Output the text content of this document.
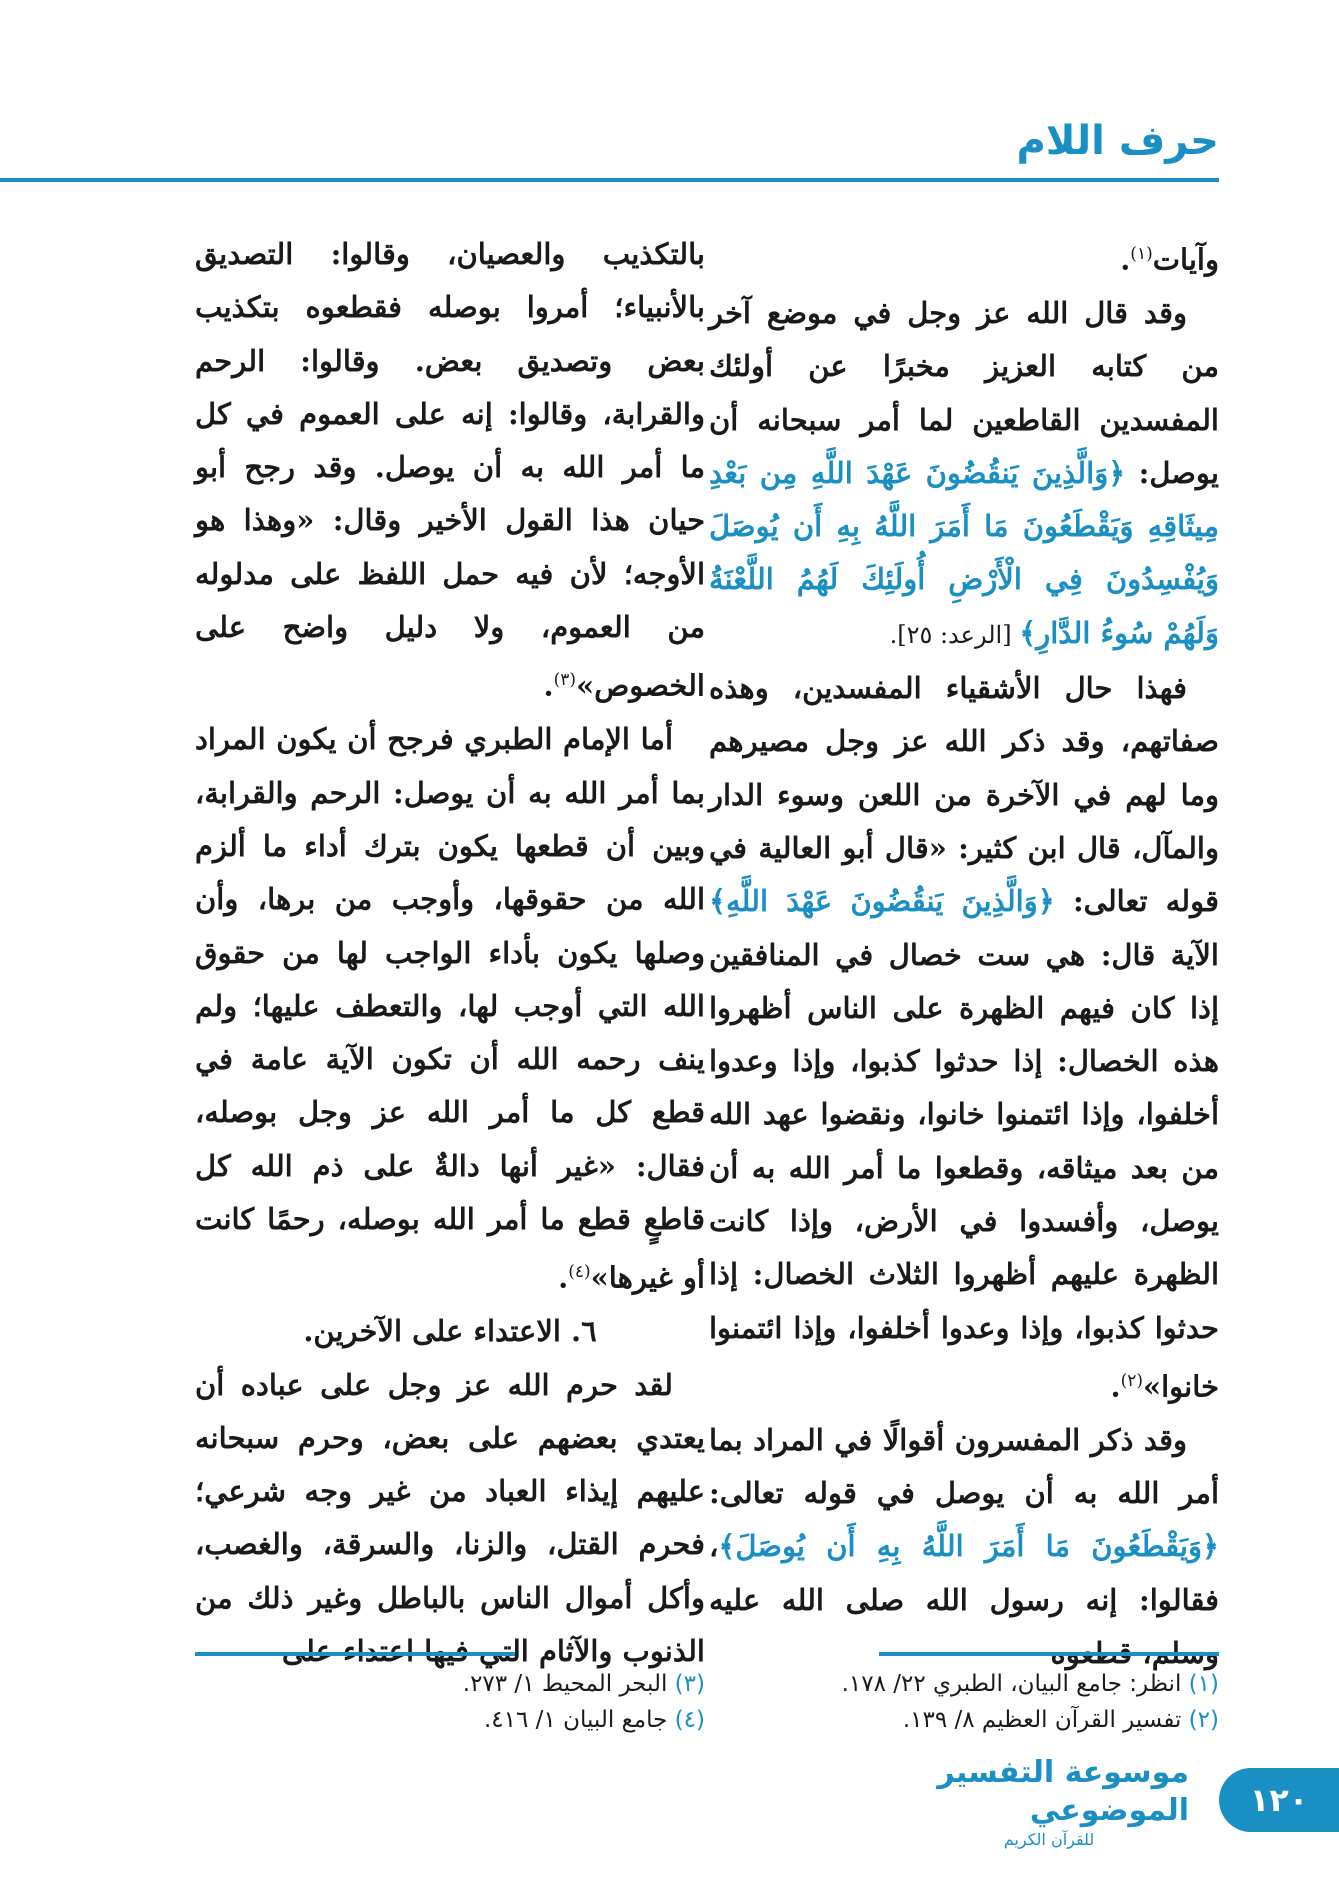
حرف اللام

وآيات$^{(١)}$.

وقد قال الله عز وجل في موضع آخر من كتابه العزيز مخبرًا عن أولئك المفسدين القاطعين لما أمر سبحانه أن يوصل: ﴿وَالَّذِينَ يَنقُضُونَ عَهْدَ اللَّهِ مِن بَعْدِ مِيثَاقِهِ وَيَقْطَعُونَ مَا أَمَرَ اللَّهُ بِهِ أَن يُوصَلَ وَيُفْسِدُونَ فِي الْأَرْضِ أُولَئِكَ لَهُمُ اللَّعْنَةُ وَلَهُمْ سُوءُ الدَّارِ﴾ [الرعد: ٢٥].

فهذا حال الأشقياء المفسدين، وهذه صفاتهم، وقد ذكر الله عز وجل مصيرهم وما لهم في الآخرة من اللعن وسوء الدار والمآل، قال ابن كثير: «قال أبو العالية في قوله تعالى: ﴿وَالَّذِينَ يَنقُضُونَ عَهْدَ اللَّهِ﴾ الآية قال: هي ست خصال في المنافقين إذا كان فيهم الظهرة على الناس أظهروا هذه الخصال: إذا حدثوا كذبوا، وإذا وعدوا أخلفوا، وإذا ائتمنوا خانوا، ونقضوا عهد الله من بعد ميثاقه، وقطعوا ما أمر الله به أن يوصل، وأفسدوا في الأرض، وإذا كانت الظهرة عليهم أظهروا الثلاث الخصال: إذا حدثوا كذبوا، وإذا وعدوا أخلفوا، وإذا ائتمنوا خانوا»$^{(٢)}$.

وقد ذكر المفسرون أقوالًا في المراد بما أمر الله به أن يوصل في قوله تعالى: ﴿وَيَقْطَعُونَ مَا أَمَرَ اللَّهُ بِهِ أَن يُوصَلَ﴾، فقالوا: إنه رسول الله صلى الله عليه وسلم، قطعوه

بالتكذيب والعصيان، وقالوا: التصديق بالأنبياء؛ أمروا بوصله فقطعوه بتكذيب بعض وتصديق بعض. وقالوا: الرحم والقرابة، وقالوا: إنه على العموم في كل ما أمر الله به أن يوصل. وقد رجح أبو حيان هذا القول الأخير وقال: «وهذا هو الأوجه؛ لأن فيه حمل اللفظ على مدلوله من العموم، ولا دليل واضح على الخصوص»$^{(٣)}$.

أما الإمام الطبري فرجح أن يكون المراد بما أمر الله به أن يوصل: الرحم والقرابة، وبين أن قطعها يكون بترك أداء ما ألزم الله من حقوقها، وأوجب من برها، وأن وصلها يكون بأداء الواجب لها من حقوق الله التي أوجب لها، والتعطف عليها؛ ولم ينف رحمه الله أن تكون الآية عامة في قطع كل ما أمر الله عز وجل بوصله، فقال: «غير أنها دالةٌ على ذم الله كل قاطعٍ قطع ما أمر الله بوصله، رحمًا كانت أو غيرها»$^{(٤)}$.

٦. الاعتداء على الآخرين.

لقد حرم الله عز وجل على عباده أن يعتدي بعضهم على بعض، وحرم سبحانه عليهم إيذاء العباد من غير وجه شرعي؛ فحرم القتل، والزنا، والسرقة، والغصب، وأكل أموال الناس بالباطل وغير ذلك من الذنوب والآثام التي فيها اعتداء على

(١) انظر: جامع البيان، الطبري ٢٢/ ١٧٨.
(٢) تفسير القرآن العظيم ٨/ ١٣٩.
(٣) البحر المحيط ١/ ٢٧٣.
(٤) جامع البيان ١/ ٤١٦.
موسوعة التفسير الموضوعي
للقرآن الكريم
١٢٠
